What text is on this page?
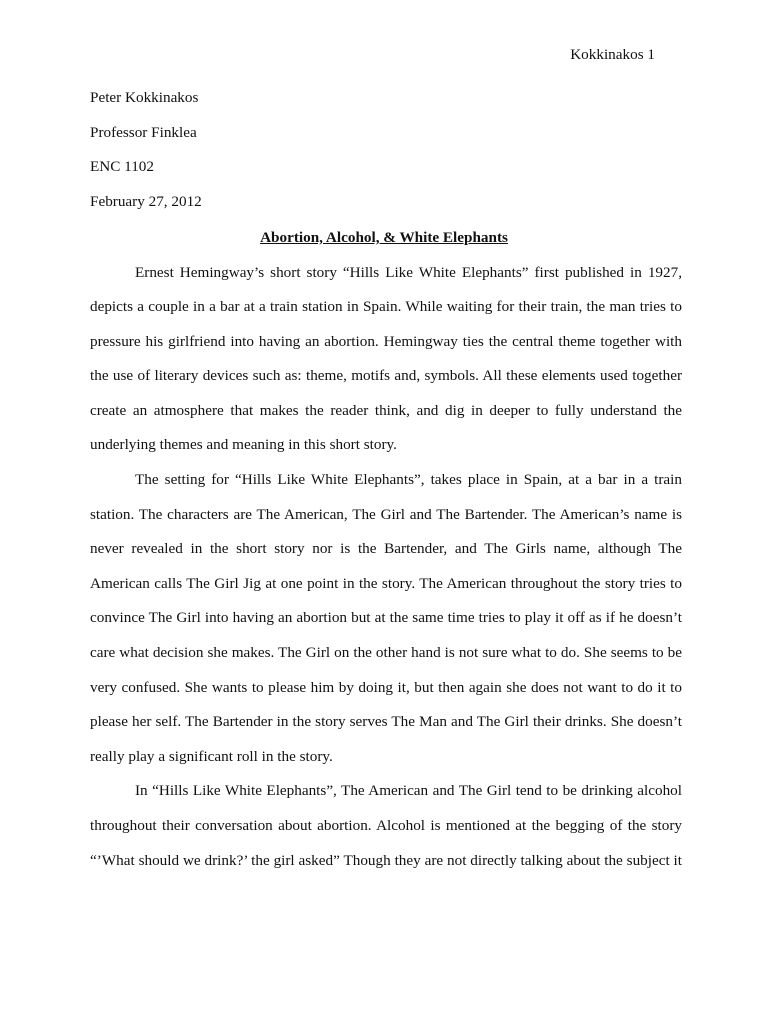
Kokkinakos 1
Peter Kokkinakos
Professor Finklea
ENC 1102
February 27, 2012
Abortion, Alcohol, & White Elephants
Ernest Hemingway’s short story “Hills Like White Elephants” first published in 1927,
depicts a couple in a bar at a train station in Spain. While waiting for their train, the man tries to
pressure his girlfriend into having an abortion. Hemingway ties the central theme together with
the use of literary devices such as: theme, motifs and, symbols. All these elements used together
create an atmosphere that makes the reader think, and dig in deeper to fully understand the
underlying themes and meaning in this short story.
The setting for “Hills Like White Elephants”, takes place in Spain, at a bar in a train
station. The characters are The American, The Girl and The Bartender. The American’s name is
never revealed in the short story nor is the Bartender, and The Girls name, although The
American calls The Girl Jig at one point in the story. The American throughout the story tries to
convince The Girl into having an abortion but at the same time tries to play it off as if he doesn’t
care what decision she makes. The Girl on the other hand is not sure what to do. She seems to be
very confused. She wants to please him by doing it, but then again she does not want to do it to
please her self. The Bartender in the story serves The Man and The Girl their drinks. She doesn’t
really play a significant roll in the story.
In “Hills Like White Elephants”, The American and The Girl tend to be drinking alcohol
throughout their conversation about abortion. Alcohol is mentioned at the begging of the story
“’What should we drink?’ the girl asked” Though they are not directly talking about the subject it
